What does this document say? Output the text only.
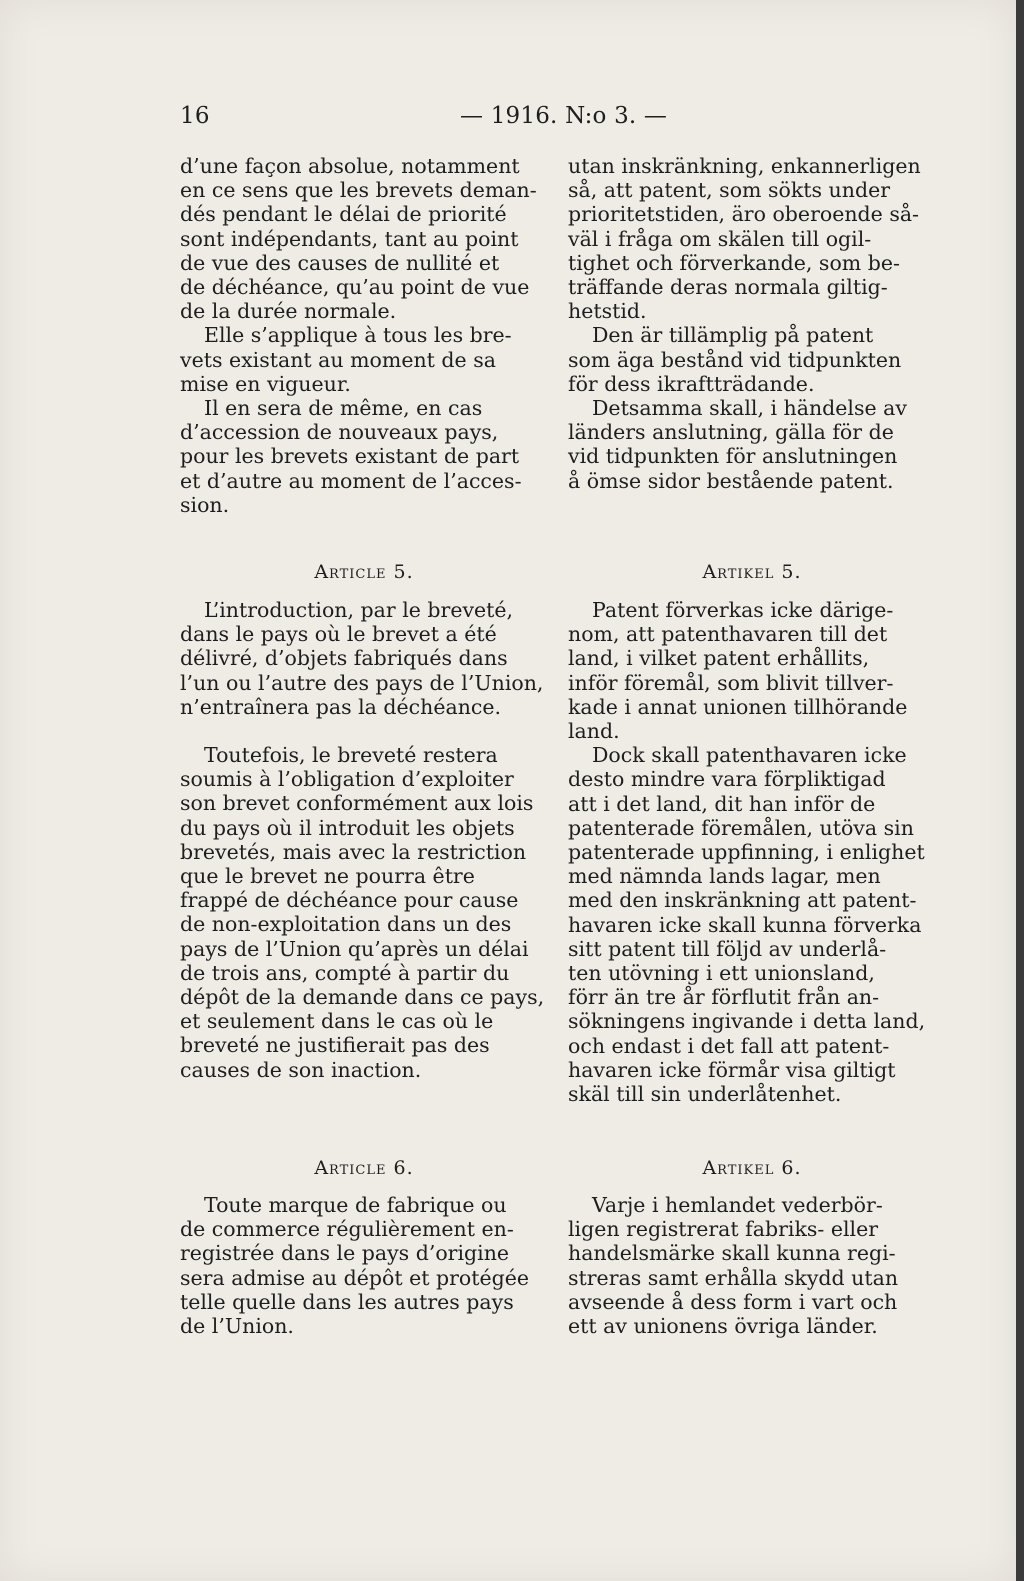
16	— 1916. N:o 3. —

d’une façon absolue, notamment
en ce sens que les brevets deman-
dés pendant le délai de priorité
sont indépendants, tant au point
de vue des causes de nullité et
de déchéance, qu’au point de vue
de la durée normale.

Elle s’applique à tous les bre-
vets existant au moment de sa
mise en vigueur.

Il en sera de même, en cas
d’accession de nouveaux pays,
pour les brevets existant de part
et d’autre au moment de l’acces-
sion.

Article 5.

L’introduction, par le breveté,
dans le pays où le brevet a été
délivré, d’objets fabriqués dans
l’un ou l’autre des pays de l’Union,
n’entraînera pas la déchéance.

Toutefois, le breveté restera
soumis à l’obligation d’exploiter
son brevet conformément aux lois
du pays où il introduit les objets
brevetés, mais avec la restriction
que le brevet ne pourra être
frappé de déchéance pour cause
de non-exploitation dans un des
pays de l’Union qu’après un délai
de trois ans, compté à partir du
dépôt de la demande dans ce pays,
et seulement dans le cas où le
breveté ne justifierait pas des
causes de son inaction.

Article 6.

Toute marque de fabrique ou
de commerce régulièrement en-
registrée dans le pays d’origine
sera admise au dépôt et protégée
telle quelle dans les autres pays
de l’Union.

utan inskränkning, enkannerligen
så, att patent, som sökts under
prioritetstiden, äro oberoende så-
väl i fråga om skälen till ogil-
tighet och förverkande, som be-
träffande deras normala giltig-
hetstid.

Den är tillämplig på patent
som äga bestånd vid tidpunkten
för dess ikraftträdande.

Detsamma skall, i händelse av
länders anslutning, gälla för de
vid tidpunkten för anslutningen
å ömse sidor bestående patent.

Artikel 5.

Patent förverkas icke därige-
nom, att patenthavaren till det
land, i vilket patent erhållits,
inför föremål, som blivit tillver-
kade i annat unionen tillhörande
land.

Dock skall patenthavaren icke
desto mindre vara förpliktigad
att i det land, dit han inför de
patenterade föremålen, utöva sin
patenterade uppfinning, i enlighet
med nämnda lands lagar, men
med den inskränkning att patent-
havaren icke skall kunna förverka
sitt patent till följd av underlå-
ten utövning i ett unionsland,
förr än tre år förflutit från an-
sökningens ingivande i detta land,
och endast i det fall att patent-
havaren icke förmår visa giltigt
skäl till sin underlåtenhet.

Artikel 6.

Varje i hemlandet vederbör-
ligen registrerat fabriks- eller
handelsmärke skall kunna regi-
streras samt erhålla skydd utan
avseende å dess form i vart och
ett av unionens övriga länder.
